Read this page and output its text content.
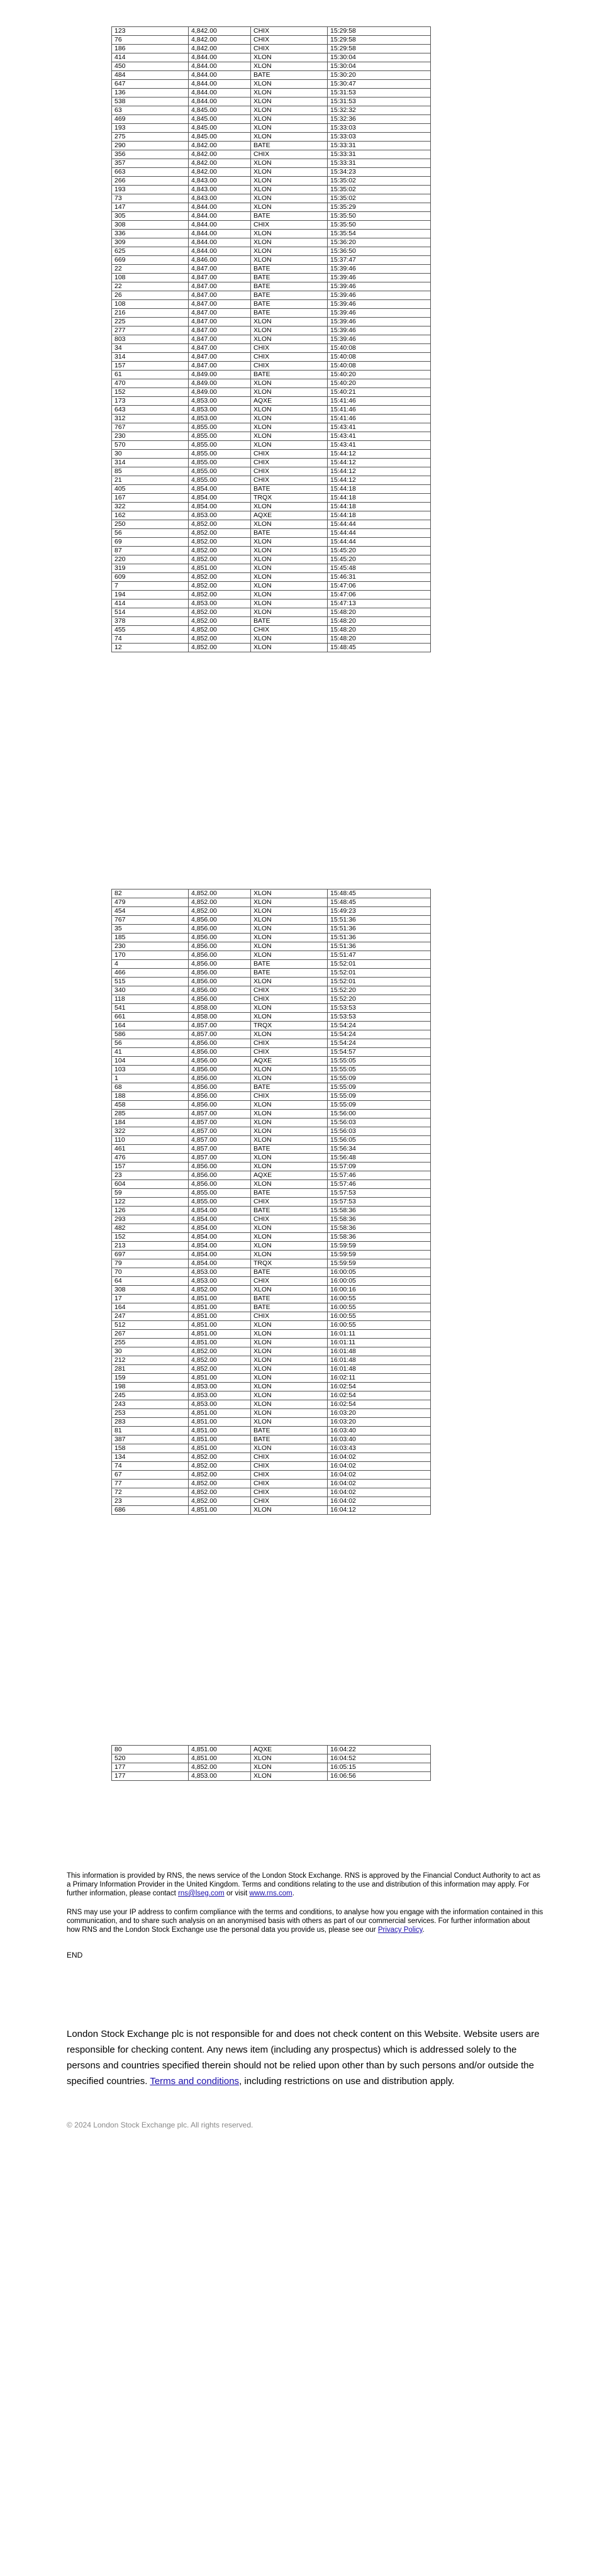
123	4,842.00	CHIX	15:29:58
76	4,842.00	CHIX	15:29:58
186	4,842.00	CHIX	15:29:58
414	4,844.00	XLON	15:30:04
450	4,844.00	XLON	15:30:04
484	4,844.00	BATE	15:30:20
647	4,844.00	XLON	15:30:47
136	4,844.00	XLON	15:31:53
538	4,844.00	XLON	15:31:53
63	4,845.00	XLON	15:32:32
469	4,845.00	XLON	15:32:36
193	4,845.00	XLON	15:33:03
275	4,845.00	XLON	15:33:03
290	4,842.00	BATE	15:33:31
356	4,842.00	CHIX	15:33:31
357	4,842.00	XLON	15:33:31
663	4,842.00	XLON	15:34:23
266	4,843.00	XLON	15:35:02
193	4,843.00	XLON	15:35:02
73	4,843.00	XLON	15:35:02
147	4,844.00	XLON	15:35:29
305	4,844.00	BATE	15:35:50
308	4,844.00	CHIX	15:35:50
336	4,844.00	XLON	15:35:54
309	4,844.00	XLON	15:36:20
625	4,844.00	XLON	15:36:50
669	4,846.00	XLON	15:37:47
22	4,847.00	BATE	15:39:46
108	4,847.00	BATE	15:39:46
22	4,847.00	BATE	15:39:46
26	4,847.00	BATE	15:39:46
108	4,847.00	BATE	15:39:46
216	4,847.00	BATE	15:39:46
225	4,847.00	XLON	15:39:46
277	4,847.00	XLON	15:39:46
803	4,847.00	XLON	15:39:46
34	4,847.00	CHIX	15:40:08
314	4,847.00	CHIX	15:40:08
157	4,847.00	CHIX	15:40:08
61	4,849.00	BATE	15:40:20
470	4,849.00	XLON	15:40:20
152	4,849.00	XLON	15:40:21
173	4,853.00	AQXE	15:41:46
643	4,853.00	XLON	15:41:46
312	4,853.00	XLON	15:41:46
767	4,855.00	XLON	15:43:41
230	4,855.00	XLON	15:43:41
570	4,855.00	XLON	15:43:41
30	4,855.00	CHIX	15:44:12
314	4,855.00	CHIX	15:44:12
85	4,855.00	CHIX	15:44:12
21	4,855.00	CHIX	15:44:12
405	4,854.00	BATE	15:44:18
167	4,854.00	TRQX	15:44:18
322	4,854.00	XLON	15:44:18
162	4,853.00	AQXE	15:44:18
250	4,852.00	XLON	15:44:44
56	4,852.00	BATE	15:44:44
69	4,852.00	XLON	15:44:44
87	4,852.00	XLON	15:45:20
220	4,852.00	XLON	15:45:20
319	4,851.00	XLON	15:45:48
609	4,852.00	XLON	15:46:31
7	4,852.00	XLON	15:47:06
194	4,852.00	XLON	15:47:06
414	4,853.00	XLON	15:47:13
514	4,852.00	XLON	15:48:20
378	4,852.00	BATE	15:48:20
455	4,852.00	CHIX	15:48:20
74	4,852.00	XLON	15:48:20
12	4,852.00	XLON	15:48:45
82	4,852.00	XLON	15:48:45
479	4,852.00	XLON	15:48:45
454	4,852.00	XLON	15:49:23
767	4,856.00	XLON	15:51:36
35	4,856.00	XLON	15:51:36
185	4,856.00	XLON	15:51:36
230	4,856.00	XLON	15:51:36
170	4,856.00	XLON	15:51:47
4	4,856.00	BATE	15:52:01
466	4,856.00	BATE	15:52:01
515	4,856.00	XLON	15:52:01
340	4,856.00	CHIX	15:52:20
118	4,856.00	CHIX	15:52:20
541	4,858.00	XLON	15:53:53
661	4,858.00	XLON	15:53:53
164	4,857.00	TRQX	15:54:24
586	4,857.00	XLON	15:54:24
56	4,856.00	CHIX	15:54:24
41	4,856.00	CHIX	15:54:57
104	4,856.00	AQXE	15:55:05
103	4,856.00	XLON	15:55:05
1	4,856.00	XLON	15:55:09
68	4,856.00	BATE	15:55:09
188	4,856.00	CHIX	15:55:09
458	4,856.00	XLON	15:55:09
285	4,857.00	XLON	15:56:00
184	4,857.00	XLON	15:56:03
322	4,857.00	XLON	15:56:03
110	4,857.00	XLON	15:56:05
461	4,857.00	BATE	15:56:34
476	4,857.00	XLON	15:56:48
157	4,856.00	XLON	15:57:09
23	4,856.00	AQXE	15:57:46
604	4,856.00	XLON	15:57:46
59	4,855.00	BATE	15:57:53
122	4,855.00	CHIX	15:57:53
126	4,854.00	BATE	15:58:36
293	4,854.00	CHIX	15:58:36
482	4,854.00	XLON	15:58:36
152	4,854.00	XLON	15:58:36
213	4,854.00	XLON	15:59:59
697	4,854.00	XLON	15:59:59
79	4,854.00	TRQX	15:59:59
70	4,853.00	BATE	16:00:05
64	4,853.00	CHIX	16:00:05
308	4,852.00	XLON	16:00:16
17	4,851.00	BATE	16:00:55
164	4,851.00	BATE	16:00:55
247	4,851.00	CHIX	16:00:55
512	4,851.00	XLON	16:00:55
267	4,851.00	XLON	16:01:11
255	4,851.00	XLON	16:01:11
30	4,852.00	XLON	16:01:48
212	4,852.00	XLON	16:01:48
281	4,852.00	XLON	16:01:48
159	4,851.00	XLON	16:02:11
198	4,853.00	XLON	16:02:54
245	4,853.00	XLON	16:02:54
243	4,853.00	XLON	16:02:54
253	4,851.00	XLON	16:03:20
283	4,851.00	XLON	16:03:20
81	4,851.00	BATE	16:03:40
387	4,851.00	BATE	16:03:40
158	4,851.00	XLON	16:03:43
134	4,852.00	CHIX	16:04:02
74	4,852.00	CHIX	16:04:02
67	4,852.00	CHIX	16:04:02
77	4,852.00	CHIX	16:04:02
72	4,852.00	CHIX	16:04:02
23	4,852.00	CHIX	16:04:02
686	4,851.00	XLON	16:04:12
80	4,851.00	AQXE	16:04:22
520	4,851.00	XLON	16:04:52
177	4,852.00	XLON	16:05:15
177	4,853.00	XLON	16:06:56

This information is provided by RNS, the news service of the London Stock Exchange. RNS is approved by the Financial Conduct Authority to act as a Primary Information Provider in the United Kingdom. Terms and conditions relating to the use and distribution of this information may apply. For further information, please contact rns@lseg.com or visit www.rns.com.

RNS may use your IP address to confirm compliance with the terms and conditions, to analyse how you engage with the information contained in this communication, and to share such analysis on an anonymised basis with others as part of our commercial services. For further information about how RNS and the London Stock Exchange use the personal data you provide us, please see our Privacy Policy.

END
London Stock Exchange plc is not responsible for and does not check content on this Website. Website users are responsible for checking content. Any news item (including any prospectus) which is addressed solely to the persons and countries specified therein should not be relied upon other than by such persons and/or outside the specified countries. Terms and conditions, including restrictions on use and distribution apply.
© 2024 London Stock Exchange plc. All rights reserved.
